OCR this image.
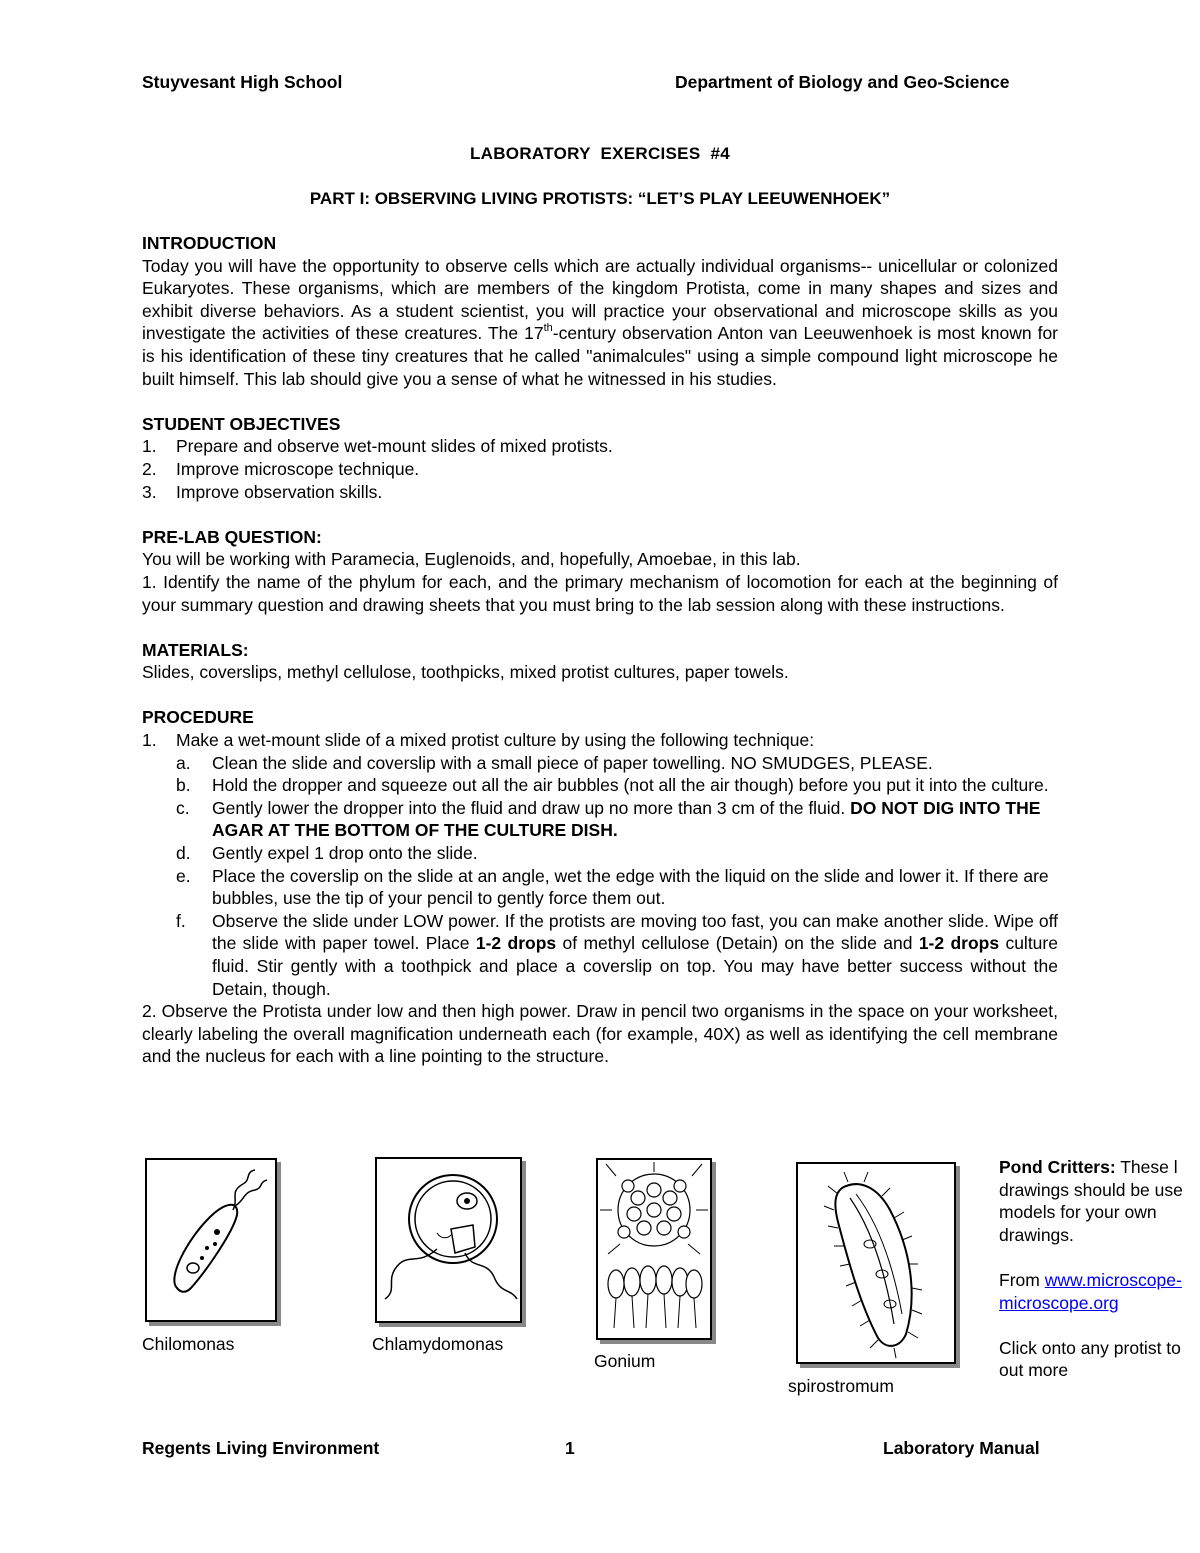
Stuyvesant High School	Department of Biology and Geo-Science
LABORATORY  EXERCISES  #4
PART I: OBSERVING LIVING PROTISTS: “LET’S PLAY LEEUWENHOEK”
INTRODUCTION

Today you will have the opportunity to observe cells which are actually individual organisms-- unicellular or colonized Eukaryotes. These organisms, which are members of the kingdom Protista, come in many shapes and sizes and exhibit diverse behaviors. As a student scientist, you will practice your observational and microscope skills as you investigate the activities of these creatures. The 17th-century observation Anton van Leeuwenhoek is most known for is his identification of these tiny creatures that he called "animalcules" using a simple compound light microscope he built himself. This lab should give you a sense of what he witnessed in his studies.

STUDENT OBJECTIVES
1.	Prepare and observe wet-mount slides of mixed protists.
2.	Improve microscope technique.
3.	Improve observation skills.
PRE-LAB QUESTION:

You will be working with Paramecia, Euglenoids, and, hopefully, Amoebae, in this lab.

1. Identify the name of the phylum for each, and the primary mechanism of locomotion for each at the beginning of your summary question and drawing sheets that you must bring to the lab session along with these instructions.

MATERIALS:

Slides, coverslips, methyl cellulose, toothpicks, mixed protist cultures, paper towels.

PROCEDURE
1.	Make a wet-mount slide of a mixed protist culture by using the following technique:
a.	Clean the slide and coverslip with a small piece of paper towelling. NO SMUDGES, PLEASE.
b.	Hold the dropper and squeeze out all the air bubbles (not all the air though) before you put it into the culture.
c.	Gently lower the dropper into the fluid and draw up no more than 3 cm of the fluid. DO NOT DIG INTO THE AGAR AT THE BOTTOM OF THE CULTURE DISH.
d.	Gently expel 1 drop onto the slide.
e.	Place the coverslip on the slide at an angle, wet the edge with the liquid on the slide and lower it. If there are bubbles, use the tip of your pencil to gently force them out.
f.	Observe the slide under LOW power. If the protists are moving too fast, you can make another slide. Wipe off the slide with paper towel. Place 1-2 drops of methyl cellulose (Detain) on the slide and 1-2 drops culture fluid. Stir gently with a toothpick and place a coverslip on top. You may have better success without the Detain, though.

2. Observe the Protista under low and then high power. Draw in pencil two organisms in the space on your worksheet, clearly labeling the overall magnification underneath each (for example, 40X) as well as identifying the cell membrane and the nucleus for each with a line pointing to the structure.

Chilomonas	Chlamydomonas
Gonium
spirostromum

Pond Critters: These l drawings should be use models for your own drawings.

From www.microscope-microscope.org

Click onto any protist to out more

Regents Living Environment	1	Laboratory Manual
